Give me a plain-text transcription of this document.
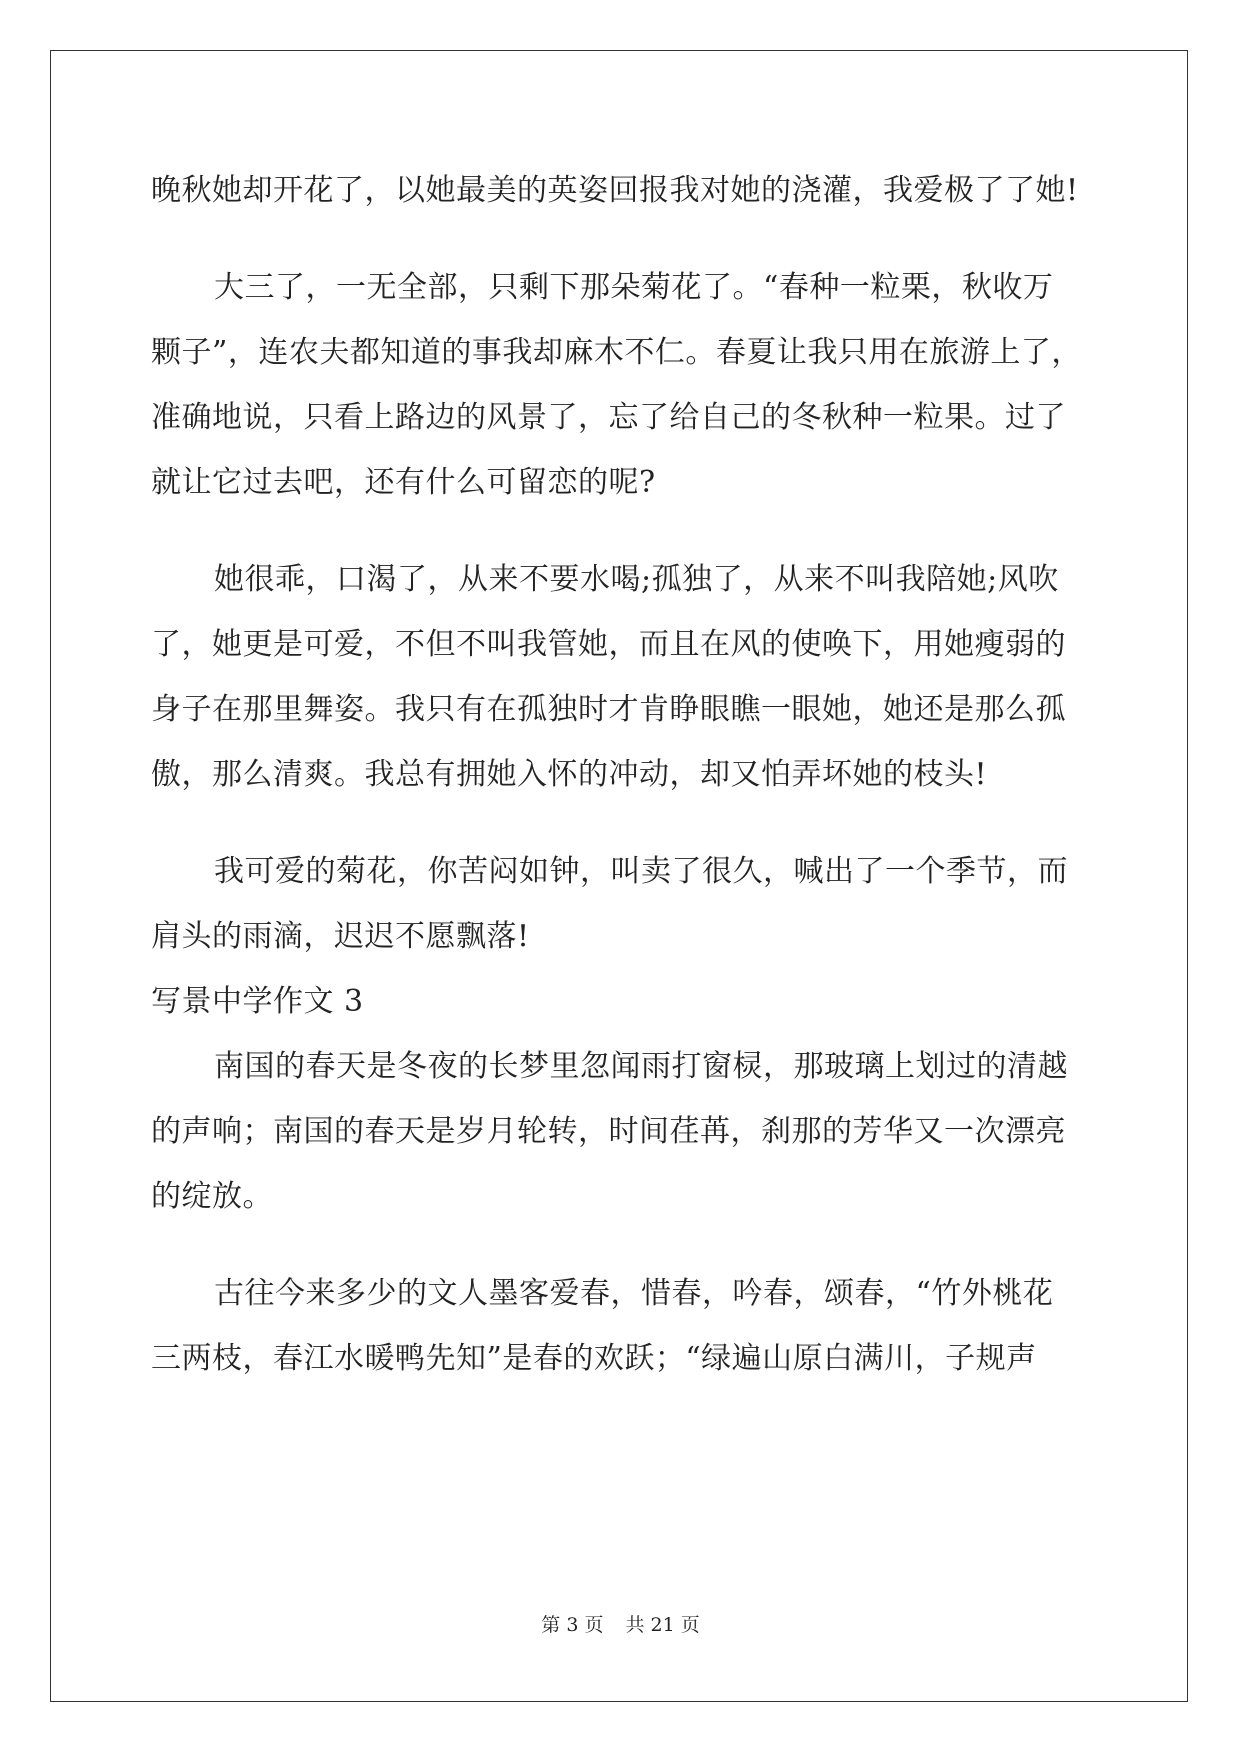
晚秋她却开花了，以她最美的英姿回报我对她的浇灌，我爱极了了她!
大三了，一无全部，只剩下那朵菊花了。“春种一粒栗，秋收万
颗子”，连农夫都知道的事我却麻木不仁。春夏让我只用在旅游上了，
准确地说，只看上路边的风景了，忘了给自己的冬秋种一粒果。过了
就让它过去吧，还有什么可留恋的呢?
她很乖，口渴了，从来不要水喝;孤独了，从来不叫我陪她;风吹
了，她更是可爱，不但不叫我管她，而且在风的使唤下，用她瘦弱的
身子在那里舞姿。我只有在孤独时才肯睁眼瞧一眼她，她还是那么孤
傲，那么清爽。我总有拥她入怀的冲动，却又怕弄坏她的枝头!
我可爱的菊花，你苦闷如钟，叫卖了很久，喊出了一个季节，而
肩头的雨滴，迟迟不愿飘落!
写景中学作文 3
南国的春天是冬夜的长梦里忽闻雨打窗棂，那玻璃上划过的清越
的声响；南国的春天是岁月轮转，时间荏苒，刹那的芳华又一次漂亮
的绽放。
古往今来多少的文人墨客爱春，惜春，吟春，颂春，“竹外桃花
三两枝，春江水暖鸭先知”是春的欢跃；“绿遍山原白满川，子规声
第 3 页 共 21 页
